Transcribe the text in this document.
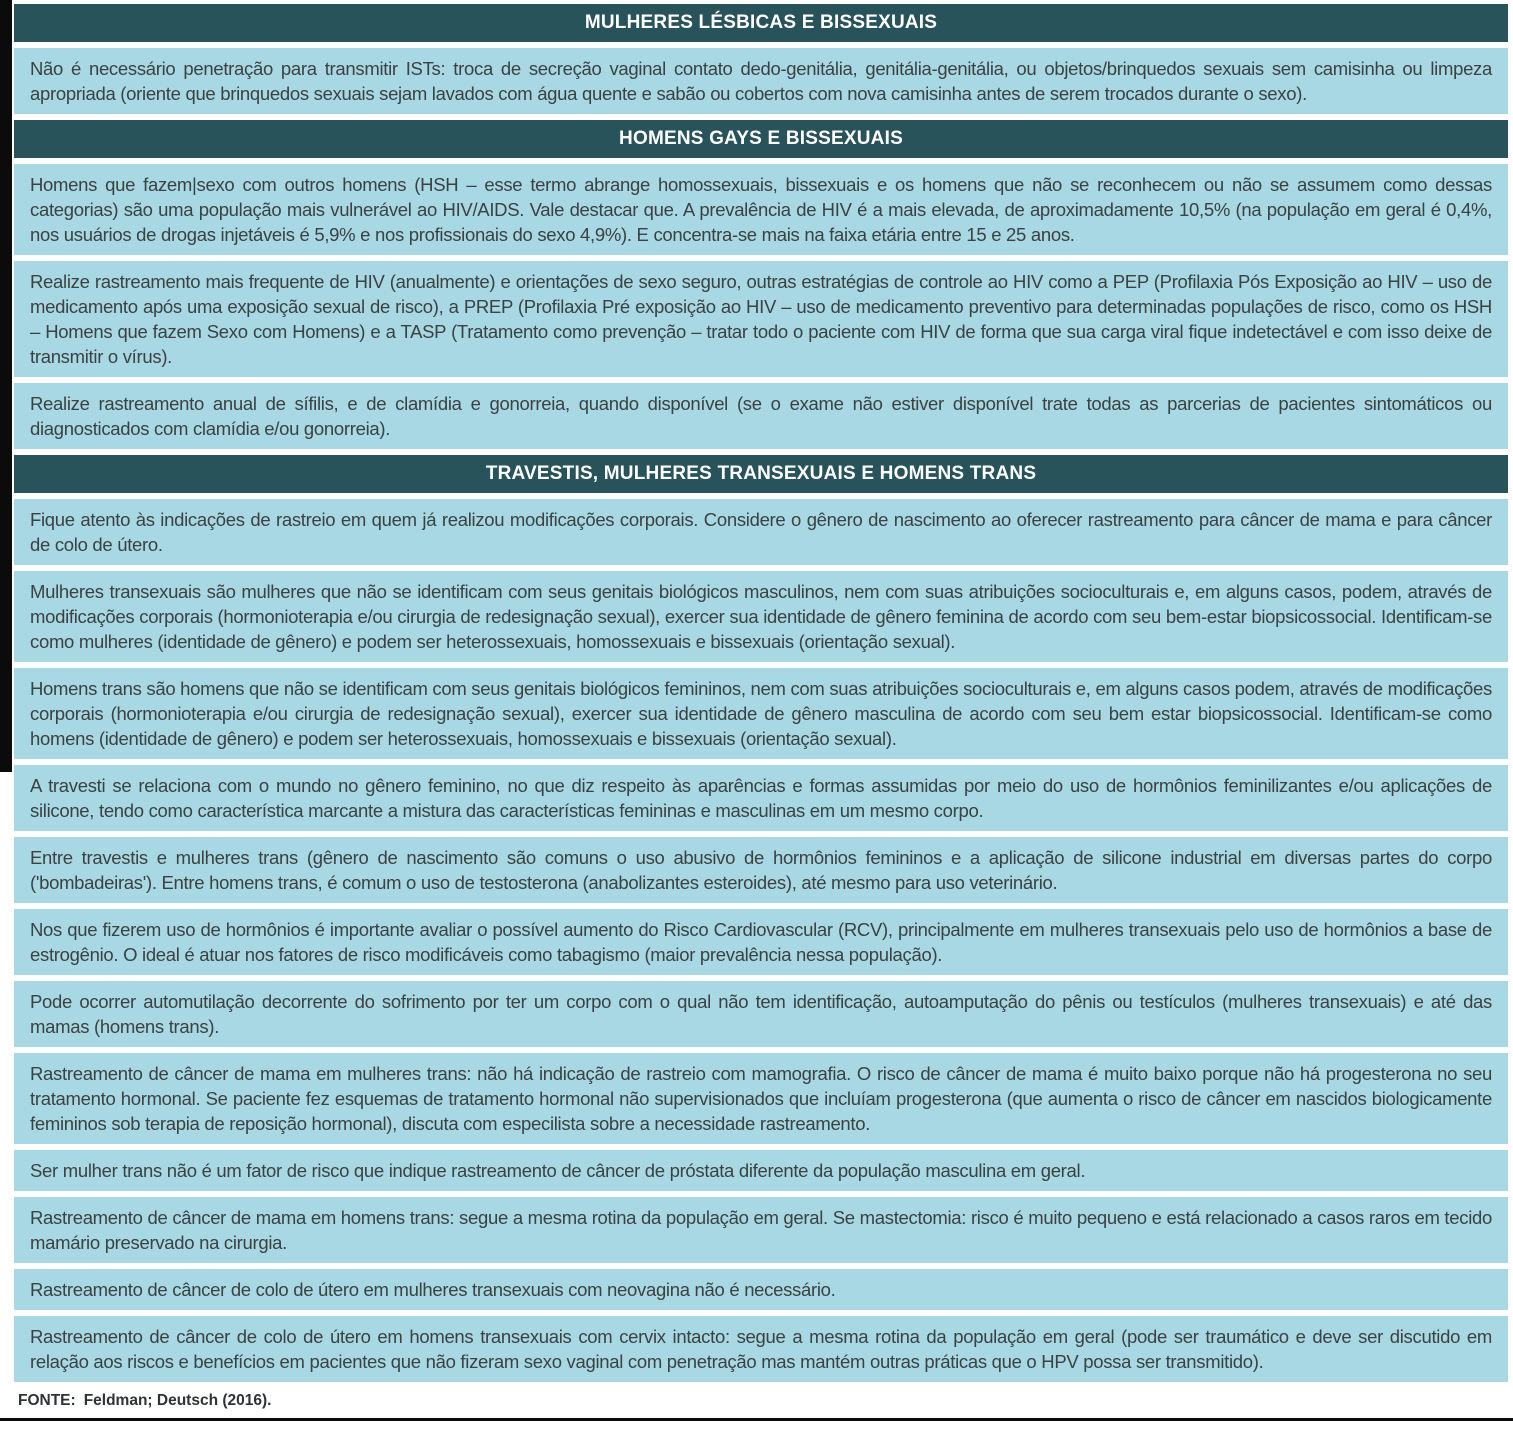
MULHERES LÉSBICAS E BISSEXUAIS
Não é necessário penetração para transmitir ISTs: troca de secreção vaginal contato dedo-genitália, genitália-genitália, ou objetos/brinquedos sexuais sem camisinha ou limpeza apropriada (oriente que brinquedos sexuais sejam lavados com água quente e sabão ou cobertos com nova camisinha antes de serem trocados durante o sexo).
HOMENS GAYS E BISSEXUAIS
Homens que fazem|sexo com outros homens (HSH – esse termo abrange homossexuais, bissexuais e os homens que não se reconhecem ou não se assumem como dessas categorias) são uma população mais vulnerável ao HIV/AIDS. Vale destacar que. A prevalência de HIV é a mais elevada, de aproximadamente 10,5% (na população em geral é 0,4%, nos usuários de drogas injetáveis é 5,9% e nos profissionais do sexo 4,9%). E concentra-se mais na faixa etária entre 15 e 25 anos.
Realize rastreamento mais frequente de HIV (anualmente) e orientações de sexo seguro, outras estratégias de controle ao HIV como a PEP (Profilaxia Pós Exposição ao HIV – uso de medicamento após uma exposição sexual de risco), a PREP (Profilaxia Pré exposição ao HIV – uso de medicamento preventivo para determinadas populações de risco, como os HSH – Homens que fazem Sexo com Homens) e a TASP (Tratamento como prevenção – tratar todo o paciente com HIV de forma que sua carga viral fique indetectável e com isso deixe de transmitir o vírus).
Realize rastreamento anual de sífilis, e de clamídia e gonorreia, quando disponível (se o exame não estiver disponível trate todas as parcerias de pacientes sintomáticos ou diagnosticados com clamídia e/ou gonorreia).
TRAVESTIS, MULHERES TRANSEXUAIS E HOMENS TRANS
Fique atento às indicações de rastreio em quem já realizou modificações corporais. Considere o gênero de nascimento ao oferecer rastreamento para câncer de mama e para câncer de colo de útero.
Mulheres transexuais são mulheres que não se identificam com seus genitais biológicos masculinos, nem com suas atribuições socioculturais e, em alguns casos, podem, através de modificações corporais (hormonioterapia e/ou cirurgia de redesignação sexual), exercer sua identidade de gênero feminina de acordo com seu bem-estar biopsicossocial. Identificam-se como mulheres (identidade de gênero) e podem ser heterossexuais, homossexuais e bissexuais (orientação sexual).
Homens trans são homens que não se identificam com seus genitais biológicos femininos, nem com suas atribuições socioculturais e, em alguns casos podem, através de modificações corporais (hormonioterapia e/ou cirurgia de redesignação sexual), exercer sua identidade de gênero masculina de acordo com seu bem estar biopsicossocial. Identificam-se como homens (identidade de gênero) e podem ser heterossexuais, homossexuais e bissexuais (orientação sexual).
A travesti se relaciona com o mundo no gênero feminino, no que diz respeito às aparências e formas assumidas por meio do uso de hormônios feminilizantes e/ou aplicações de silicone, tendo como característica marcante a mistura das características femininas e masculinas em um mesmo corpo.
Entre travestis e mulheres trans (gênero de nascimento são comuns o uso abusivo de hormônios femininos e a aplicação de silicone industrial em diversas partes do corpo ('bombadeiras'). Entre homens trans, é comum o uso de testosterona (anabolizantes esteroides), até mesmo para uso veterinário.
Nos que fizerem uso de hormônios é importante avaliar o possível aumento do Risco Cardiovascular (RCV), principalmente em mulheres transexuais pelo uso de hormônios a base de estrogênio. O ideal é atuar nos fatores de risco modificáveis como tabagismo (maior prevalência nessa população).
Pode ocorrer automutilação decorrente do sofrimento por ter um corpo com o qual não tem identificação, autoamputação do pênis ou testículos (mulheres transexuais) e até das mamas (homens trans).
Rastreamento de câncer de mama em mulheres trans: não há indicação de rastreio com mamografia. O risco de câncer de mama é muito baixo porque não há progesterona no seu tratamento hormonal. Se paciente fez esquemas de tratamento hormonal não supervisionados que incluíam progesterona (que aumenta o risco de câncer em nascidos biologicamente femininos sob terapia de reposição hormonal), discuta com especilista sobre a necessidade rastreamento.
Ser mulher trans não é um fator de risco que indique rastreamento de câncer de próstata diferente da população masculina em geral.
Rastreamento de câncer de mama em homens trans: segue a mesma rotina da população em geral. Se mastectomia: risco é muito pequeno e está relacionado a casos raros em tecido mamário preservado na cirurgia.
Rastreamento de câncer de colo de útero em mulheres transexuais com neovagina não é necessário.
Rastreamento de câncer de colo de útero em homens transexuais com cervix intacto: segue a mesma rotina da população em geral (pode ser traumático e deve ser discutido em relação aos riscos e benefícios em pacientes que não fizeram sexo vaginal com penetração mas mantém outras práticas que o HPV possa ser transmitido).
FONTE: Feldman; Deutsch (2016).
